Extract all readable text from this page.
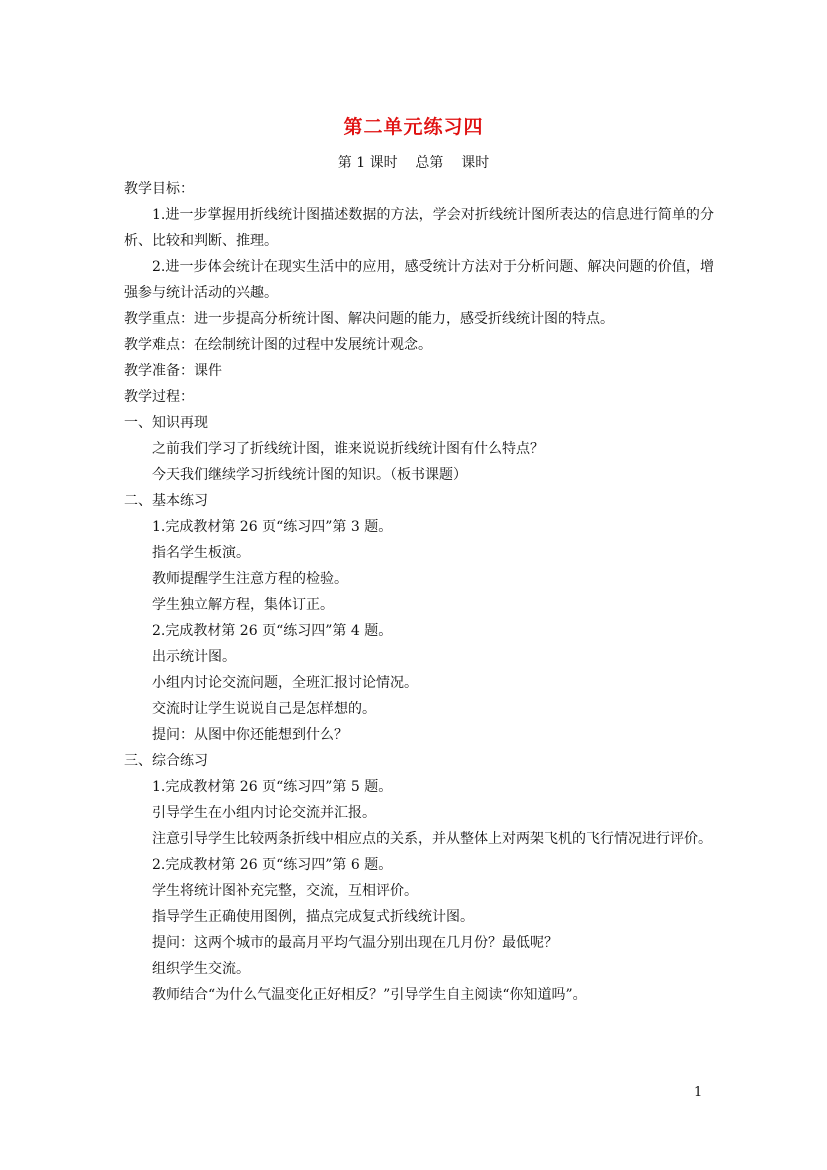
第二单元练习四
第 1 课时    总第    课时
教学目标：
1.进一步掌握用折线统计图描述数据的方法，学会对折线统计图所表达的信息进行简单的分析、比较和判断、推理。
2.进一步体会统计在现实生活中的应用，感受统计方法对于分析问题、解决问题的价值，增强参与统计活动的兴趣。
教学重点：进一步提高分析统计图、解决问题的能力，感受折线统计图的特点。
教学难点：在绘制统计图的过程中发展统计观念。
教学准备：课件
教学过程：
一、知识再现
之前我们学习了折线统计图，谁来说说折线统计图有什么特点？
今天我们继续学习折线统计图的知识。（板书课题）
二、基本练习
1.完成教材第 26 页“练习四”第 3 题。
指名学生板演。
教师提醒学生注意方程的检验。
学生独立解方程，集体订正。
2.完成教材第 26 页“练习四”第 4 题。
出示统计图。
小组内讨论交流问题，全班汇报讨论情况。
交流时让学生说说自己是怎样想的。
提问：从图中你还能想到什么？
三、综合练习
1.完成教材第 26 页“练习四”第 5 题。
引导学生在小组内讨论交流并汇报。
注意引导学生比较两条折线中相应点的关系，并从整体上对两架飞机的飞行情况进行评价。
2.完成教材第 26 页“练习四”第 6 题。
学生将统计图补充完整，交流，互相评价。
指导学生正确使用图例，描点完成复式折线统计图。
提问：这两个城市的最高月平均气温分别出现在几月份？最低呢？
组织学生交流。
教师结合“为什么气温变化正好相反？”引导学生自主阅读“你知道吗”。
1
